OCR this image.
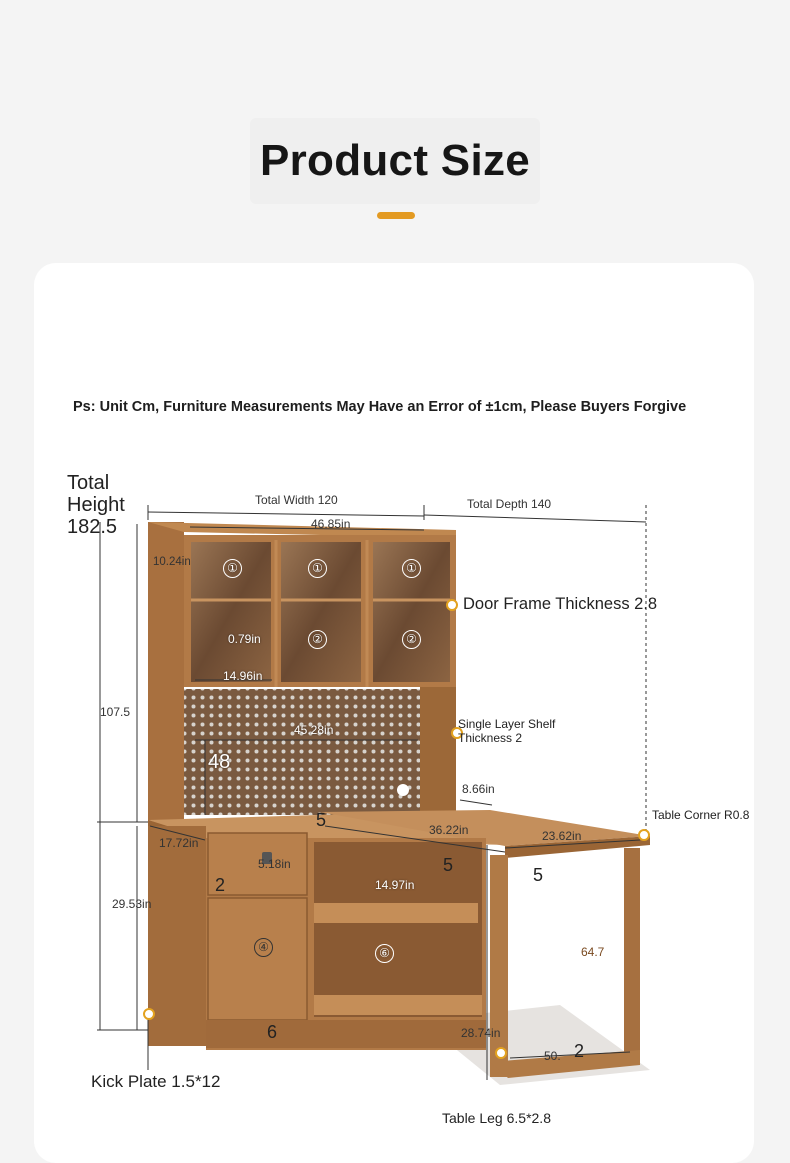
Product Size
Ps: Unit Cm, Furniture Measurements May Have an Error of ±1cm, Please Buyers Forgive
①	①	①
②	②
④	⑥
Total
Height
182.5
Total Width 120	Total Depth 140
46.85in
10.24in
0.79in
14.96in
45.28in
48
107.5
Door Frame Thickness 2.8
Single Layer Shelf
Thickness 2
8.66in
Table Corner R0.8
5
17.72in
36.22in	23.62in
5	5
29.53in
5.18in
14.97in
2
64.7
28.74in
6
50. 2
Kick Plate 1.5*12
Table Leg 6.5*2.8
